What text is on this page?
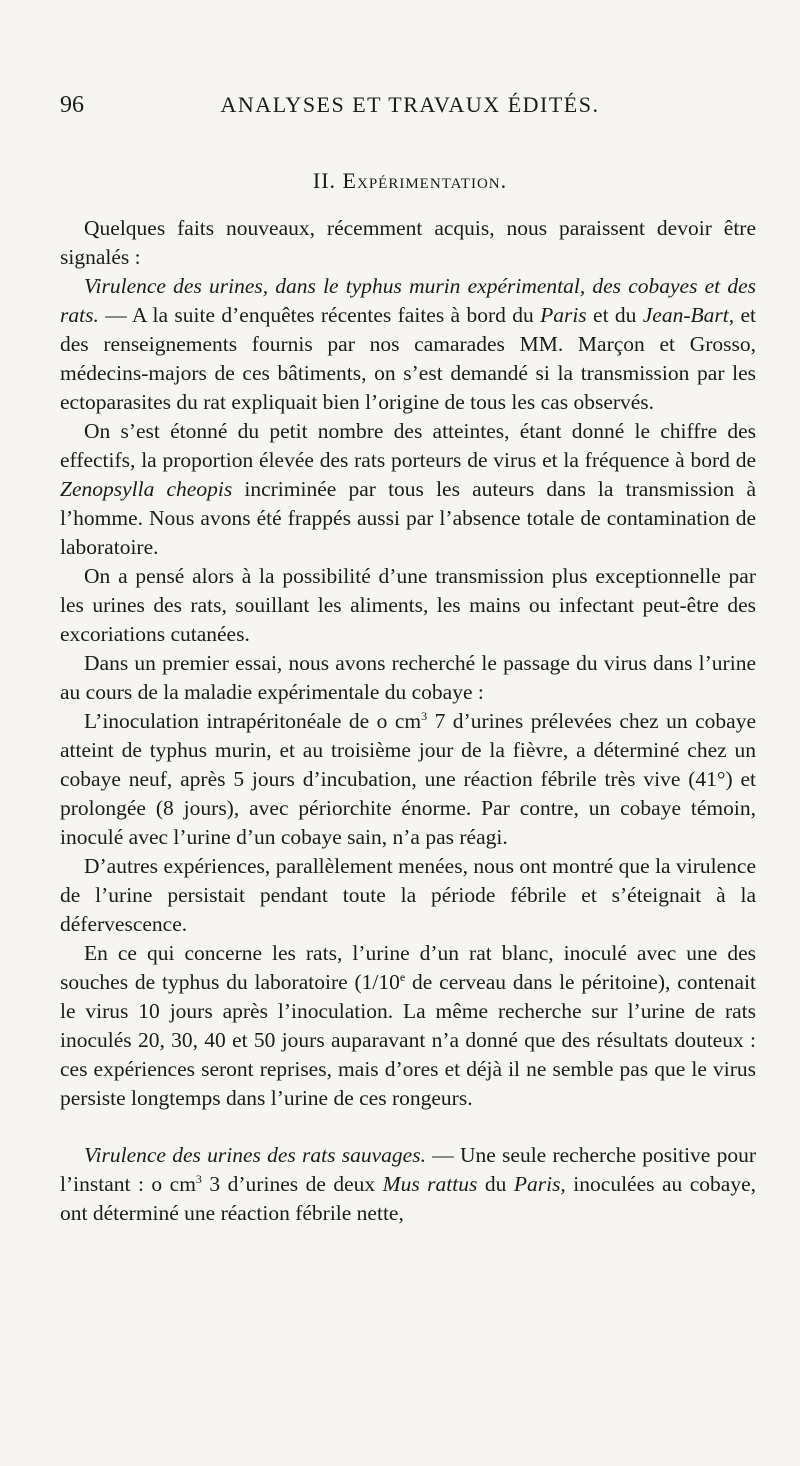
96	ANALYSES ET TRAVAUX ÉDITÉS.
II. Expérimentation.

Quelques faits nouveaux, récemment acquis, nous paraissent devoir être signalés :

Virulence des urines, dans le typhus murin expérimental, des cobayes et des rats. — A la suite d’enquêtes récentes faites à bord du Paris et du Jean-Bart, et des renseignements fournis par nos camarades MM. Marçon et Grosso, médecins-majors de ces bâtiments, on s’est demandé si la transmission par les ectoparasites du rat expliquait bien l’origine de tous les cas observés.

On s’est étonné du petit nombre des atteintes, étant donné le chiffre des effectifs, la proportion élevée des rats porteurs de virus et la fréquence à bord de Zenopsylla cheopis incriminée par tous les auteurs dans la transmission à l’homme. Nous avons été frappés aussi par l’absence totale de contamination de laboratoire.

On a pensé alors à la possibilité d’une transmission plus exceptionnelle par les urines des rats, souillant les aliments, les mains ou infectant peut-être des excoriations cutanées.

Dans un premier essai, nous avons recherché le passage du virus dans l’urine au cours de la maladie expérimentale du cobaye :

L’inoculation intrapéritonéale de o $cm^3$ 7 d’urines prélevées chez un cobaye atteint de typhus murin, et au troisième jour de la fièvre, a déterminé chez un cobaye neuf, après 5 jours d’incubation, une réaction fébrile très vive (41°) et prolongée (8 jours), avec périorchite énorme. Par contre, un cobaye témoin, inoculé avec l’urine d’un cobaye sain, n’a pas réagi.

D’autres expériences, parallèlement menées, nous ont montré que la virulence de l’urine persistait pendant toute la période fébrile et s’éteignait à la défervescence.

En ce qui concerne les rats, l’urine d’un rat blanc, inoculé avec une des souches de typhus du laboratoire (1/10e de cerveau dans le péritoine), contenait le virus 10 jours après l’inoculation. La même recherche sur l’urine de rats inoculés 20, 30, 40 et 50 jours auparavant n’a donné que des résultats douteux : ces expériences seront reprises, mais d’ores et déjà il ne semble pas que le virus persiste longtemps dans l’urine de ces rongeurs.

Virulence des urines des rats sauvages. — Une seule recherche positive pour l’instant : o $cm^3$ 3 d’urines de deux Mus rattus du Paris, inoculées au cobaye, ont déterminé une réaction fébrile nette,
